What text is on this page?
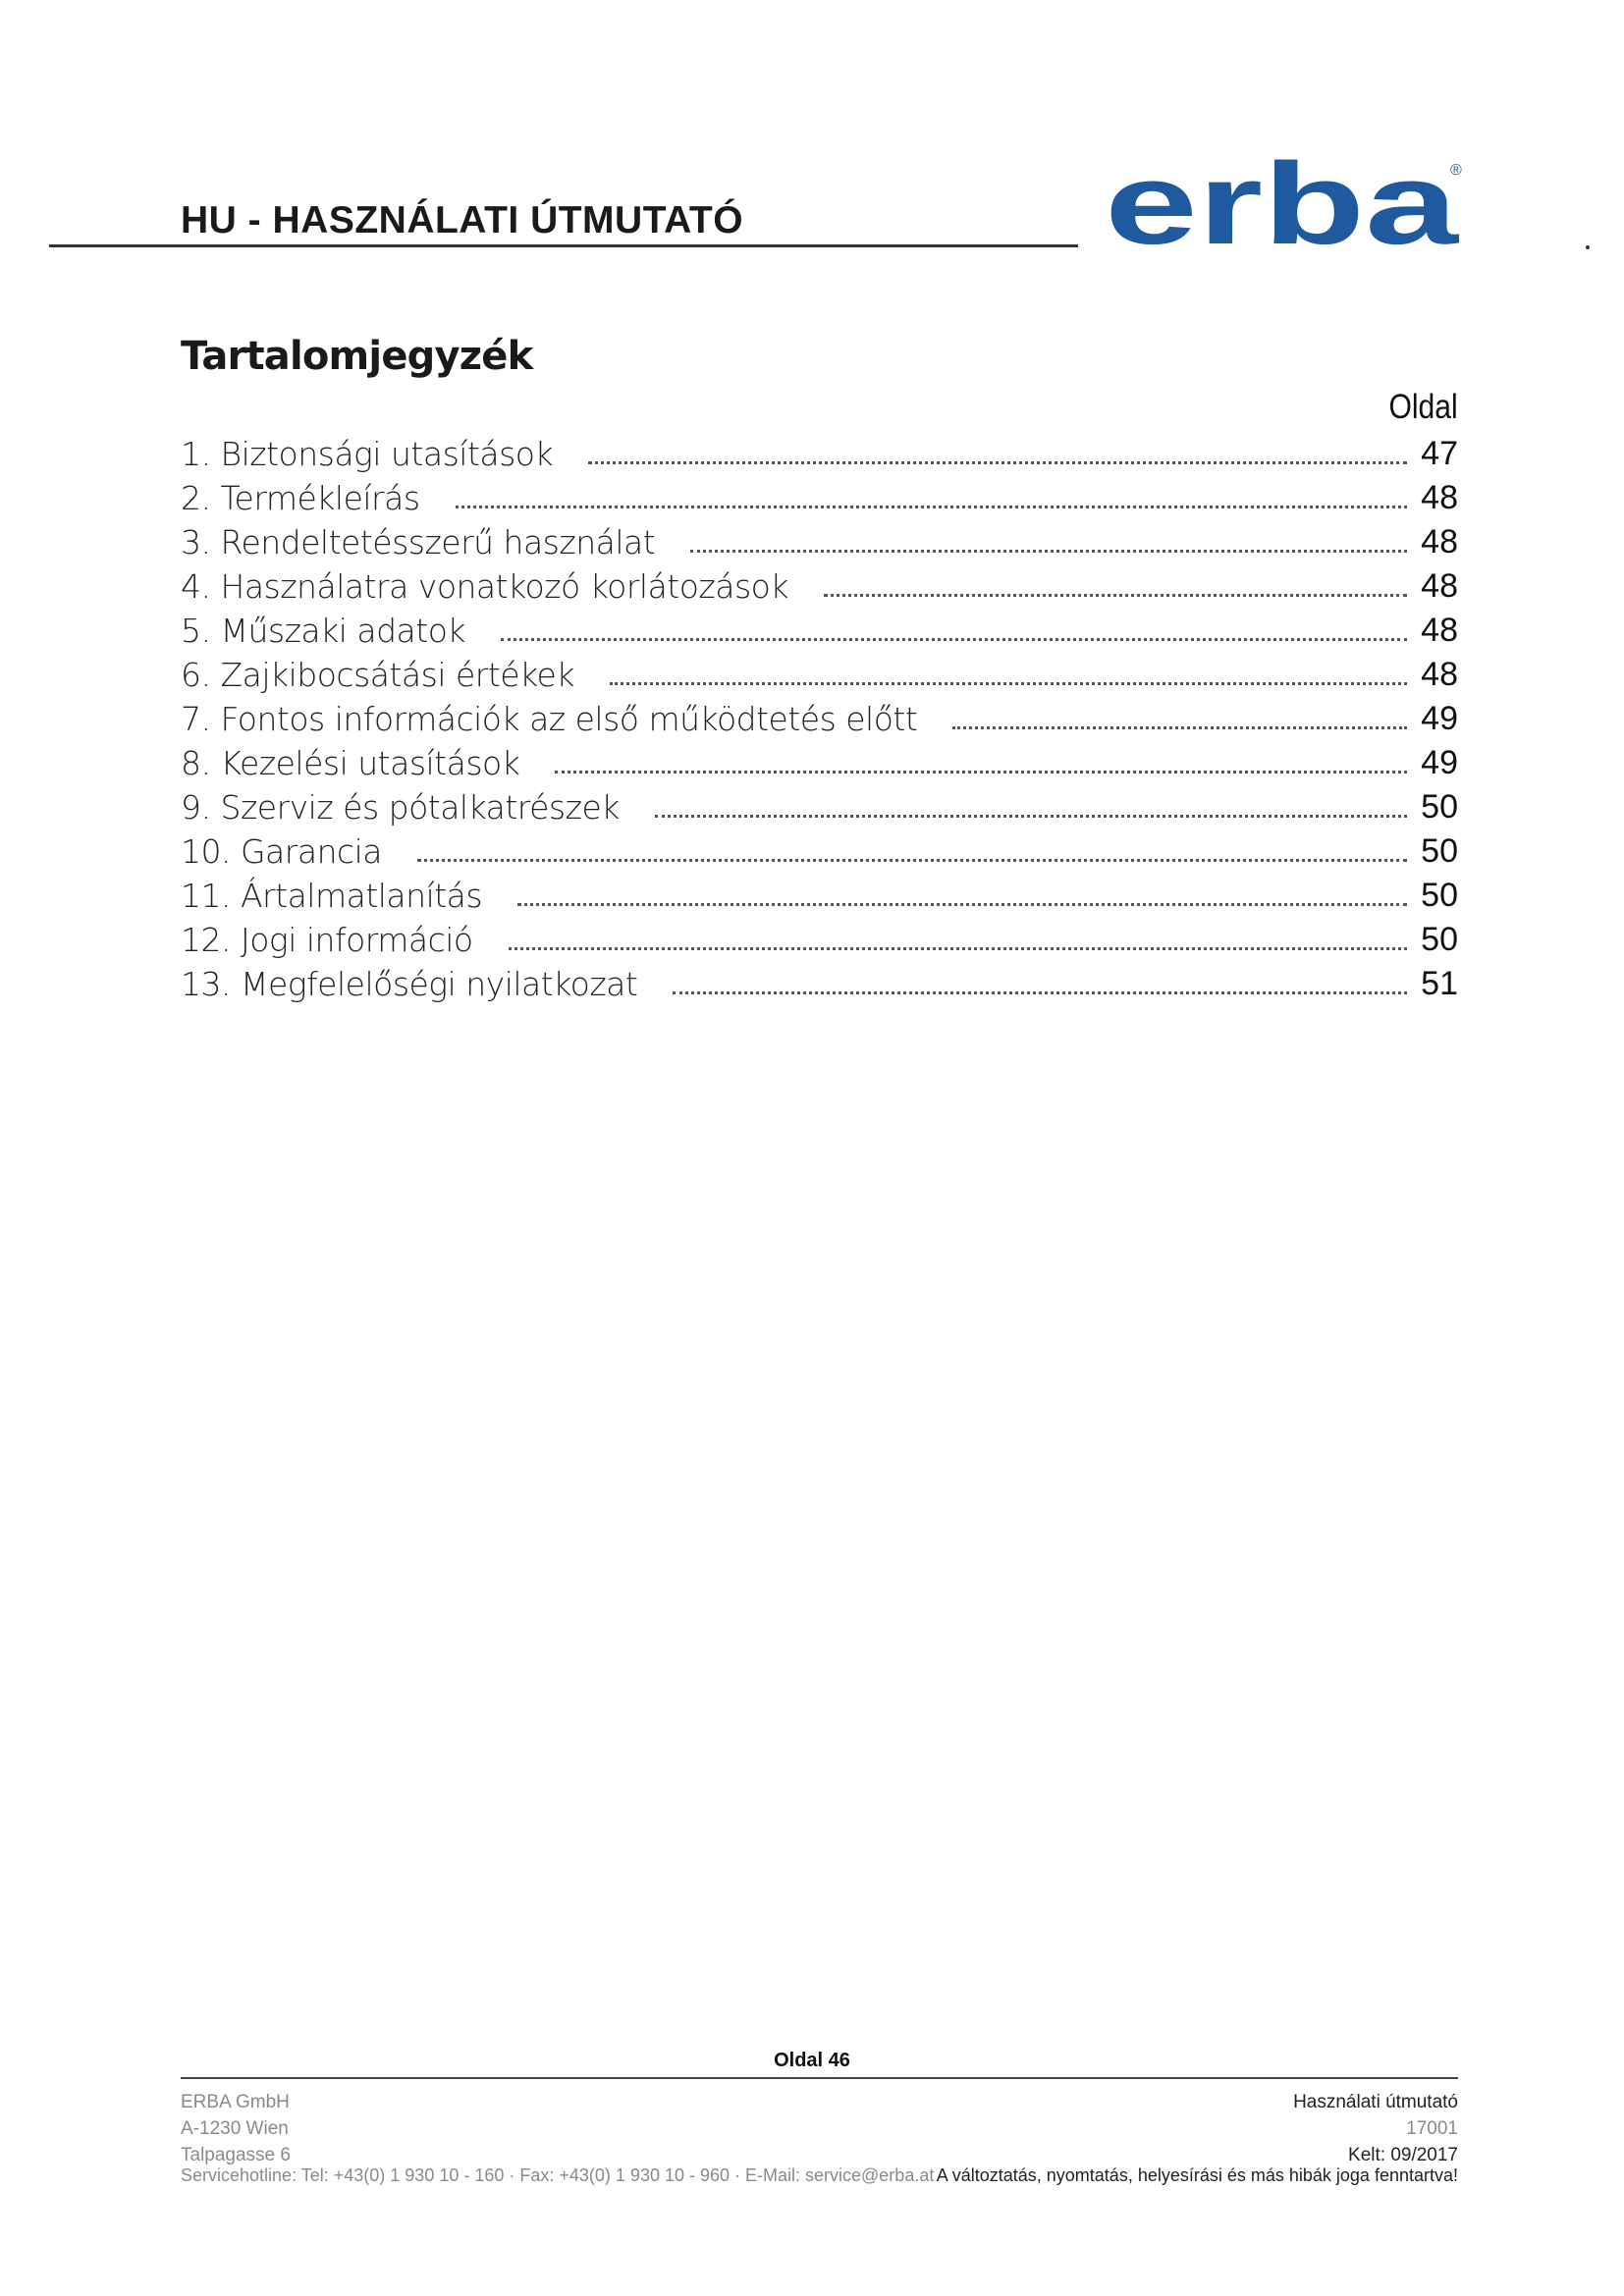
HU - HASZNÁLATI ÚTMUTATÓ	erba
®
Tartalomjegyzék
Oldal
1. Biztonsági utasítások	47
2. Termékleírás	48
3. Rendeltetésszerű használat	48
4. Használatra vonatkozó korlátozások	48
5. Műszaki adatok	48
6. Zajkibocsátási értékek	48
7. Fontos információk az első működtetés előtt	49
8. Kezelési utasítások	49
9. Szerviz és pótalkatrészek	50
10. Garancia	50
11. Ártalmatlanítás	50
12. Jogi információ	50
13. Megfelelőségi nyilatkozat	51
Oldal 46
ERBA GmbH
A-1230 Wien
Talpagasse 6
Használati útmutató
17001
Kelt: 09/2017
Servicehotline: Tel: +43(0) 1 930 10 - 160 · Fax: +43(0) 1 930 10 - 960 · E-Mail: service@erba.at A változtatás, nyomtatás, helyesírási és más hibák joga fenntartva!
